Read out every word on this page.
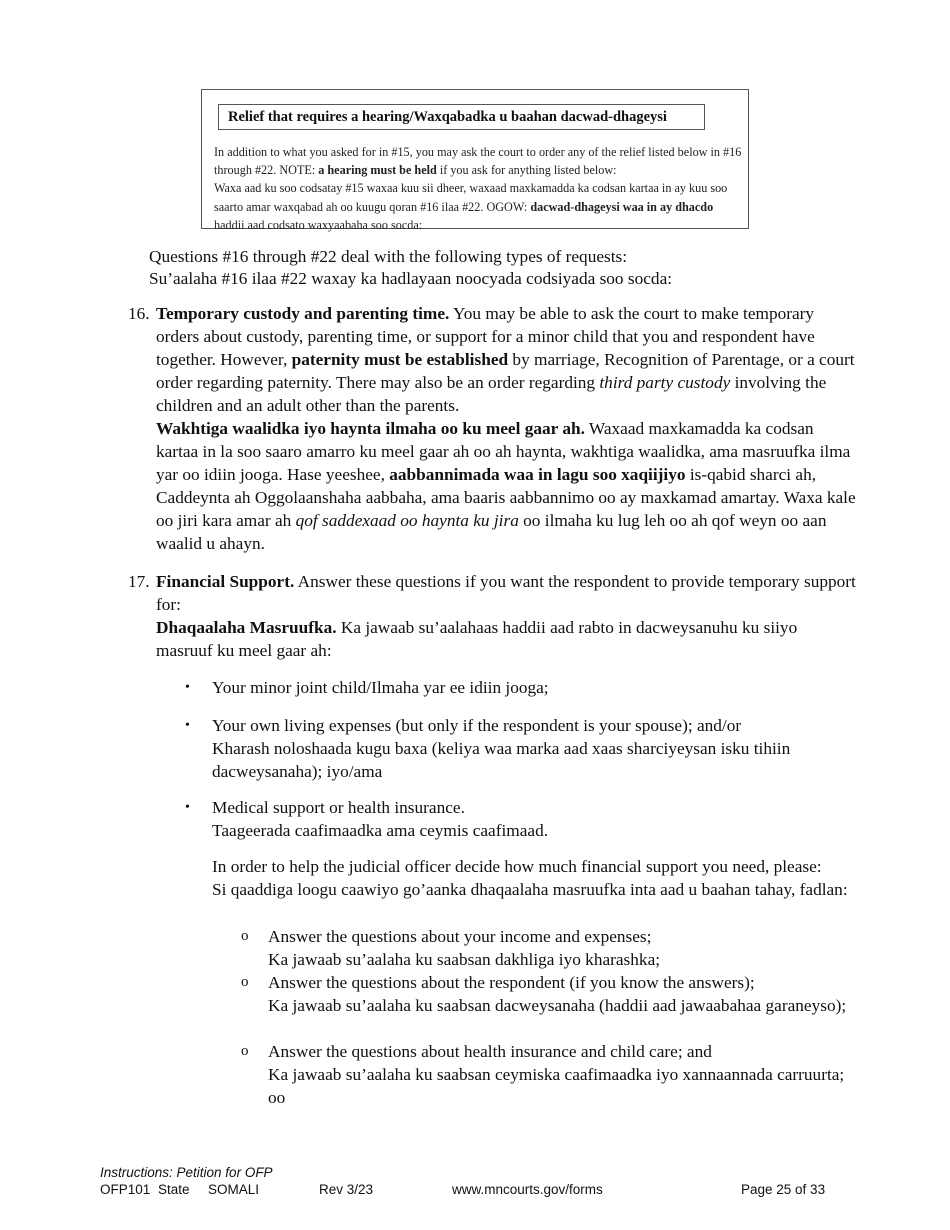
Relief that requires a hearing/Waxqabadka u baahan dacwad-dhageysi
In addition to what you asked for in #15, you may ask the court to order any of the relief listed below in #16 through #22. NOTE: a hearing must be held if you ask for anything listed below:
Waxa aad ku soo codsatay #15 waxaa kuu sii dheer, waxaad maxkamadda ka codsan kartaa in ay kuu soo saarto amar waxqabad ah oo kuugu qoran #16 ilaa #22. OGOW: dacwad-dhageysi waa in ay dhacdo haddii aad codsato waxyaabaha soo socda:
Questions #16 through #22 deal with the following types of requests:
Su’aalaha #16 ilaa #22 waxay ka hadlayaan noocyada codsiyada soo socda:
16. Temporary custody and parenting time. You may be able to ask the court to make temporary orders about custody, parenting time, or support for a minor child that you and respondent have together. However, paternity must be established by marriage, Recognition of Parentage, or a court order regarding paternity. There may also be an order regarding third party custody involving the children and an adult other than the parents.

Wakhtiga waalidka iyo haynta ilmaha oo ku meel gaar ah. Waxaad maxkamadda ka codsan kartaa in la soo saaro amarro ku meel gaar ah oo ah haynta, wakhtiga waalidka, ama masruufka ilma yar oo idiin jooga. Hase yeeshee, aabbannimada waa in lagu soo xaqiijiyo is-qabid sharci ah, Caddeynta ah Oggolaanshaha aabbaha, ama baaris aabbannimo oo ay maxkamad amartay. Waxa kale oo jiri kara amar ah qof saddexaad oo haynta ku jira oo ilmaha ku lug leh oo ah qof weyn oo aan waalid u ahayn.

17. Financial Support. Answer these questions if you want the respondent to provide temporary support for:

Dhaqaalaha Masruufka. Ka jawaab su’aalahaas haddii aad rabto in dacweysanuhu ku siiyo masruuf ku meel gaar ah:

• Your minor joint child/Ilmaha yar ee idiin jooga;
• Your own living expenses (but only if the respondent is your spouse); and/or
Kharash noloshaada kugu baxa (keliya waa marka aad xaas sharciyeysan isku tihiin dacweysanaha); iyo/ama
• Medical support or health insurance.
Taageerada caafimaadka ama ceymis caafimaad.
In order to help the judicial officer decide how much financial support you need, please:
Si qaaddiga loogu caawiyo go’aanka dhaqaalaha masruufka inta aad u baahan tahay, fadlan:
o Answer the questions about your income and expenses;
Ka jawaab su’aalaha ku saabsan dakhliga iyo kharashka;
o Answer the questions about the respondent (if you know the answers);
Ka jawaab su’aalaha ku saabsan dacweysanaha (haddii aad jawaabahaa garaneyso);
o Answer the questions about health insurance and child care; and
Ka jawaab su’aalaha ku saabsan ceymiska caafimaadka iyo xannaannada carruurta; oo
Instructions: Petition for OFP
OFP101 State SOMALI	Rev 3/23	www.mncourts.gov/forms	Page 25 of 33
